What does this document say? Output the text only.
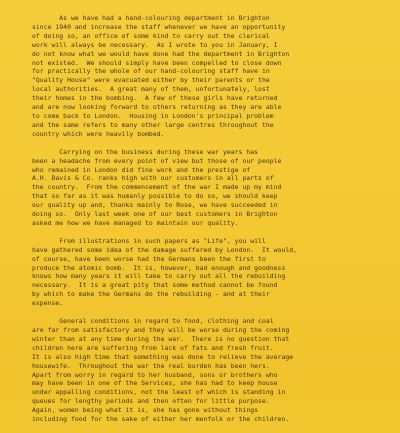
As we have had a hand-colouring department in Brighton
since 1940 and increase the staff whenever we have an opportunity
of doing so, an office of some kind to carry out the clerical
work will always be necessary.  As I wrote to you in January, I
do not know what we would have done had the department in Brighton
not existed.  We should simply have been compelled to close down
for practically the whole of our hand-colouring staff have in
"Quality House" were evacuated either by their parents or the
local authorities.  A great many of them, unfortunately, lost
their homes in the bombing.  A few of these girls have returned
and are now looking forward to others returning as they are able
to come back to London.  Housing in London's principal problem
and the same refers to many other large centres throughout the
country which were heavily bombed.
Carrying on the business during these war years has
been a headache from every point of view but those of our people
who remained in London did fine work and the prestige of
A.H. Davis & Co. ranks high with our customers in all parts of
the country.  From the commencement of the war I made up my mind
that so far as it was humanly possible to do so, we should keep
our quality up and, thanks mainly to Rose, we have succeeded in
doing so.  Only last week one of our best customers in Brighton
asked me how we have managed to maintain our quality.
From illustrations in such papers as "Life", you will
have gathered some idea of the damage suffered by London.  It would,
of course, have been worse had the Germans been the first to
produce the atomic bomb.  It is, however, bad enough and goodness
knows how many years it will take to carry out all the rebuilding
necessary.  It is a great pity that some method cannot be found
by which to make the Germans do the rebuilding - and at their
expense.
General conditions in regard to food, clothing and coal
are far from satisfactory and they will be worse during the coming
winter than at any time during the war.  There is no question that
children here are suffering from lack of fats and fresh fruit.
It is also high time that something was done to relieve the average
housewife.  Throughout the war the real burden has been hers.
Apart from worry in regard to her husband, sons or brothers who
may have been in one of the Services, she has had to keep house
under appalling conditions, not the least of which is standing in
queues for lengthy periods and then often for little purpose.
Again, women being what it is, she has gone without things
including food for the sake of either her menfolk or the children.
